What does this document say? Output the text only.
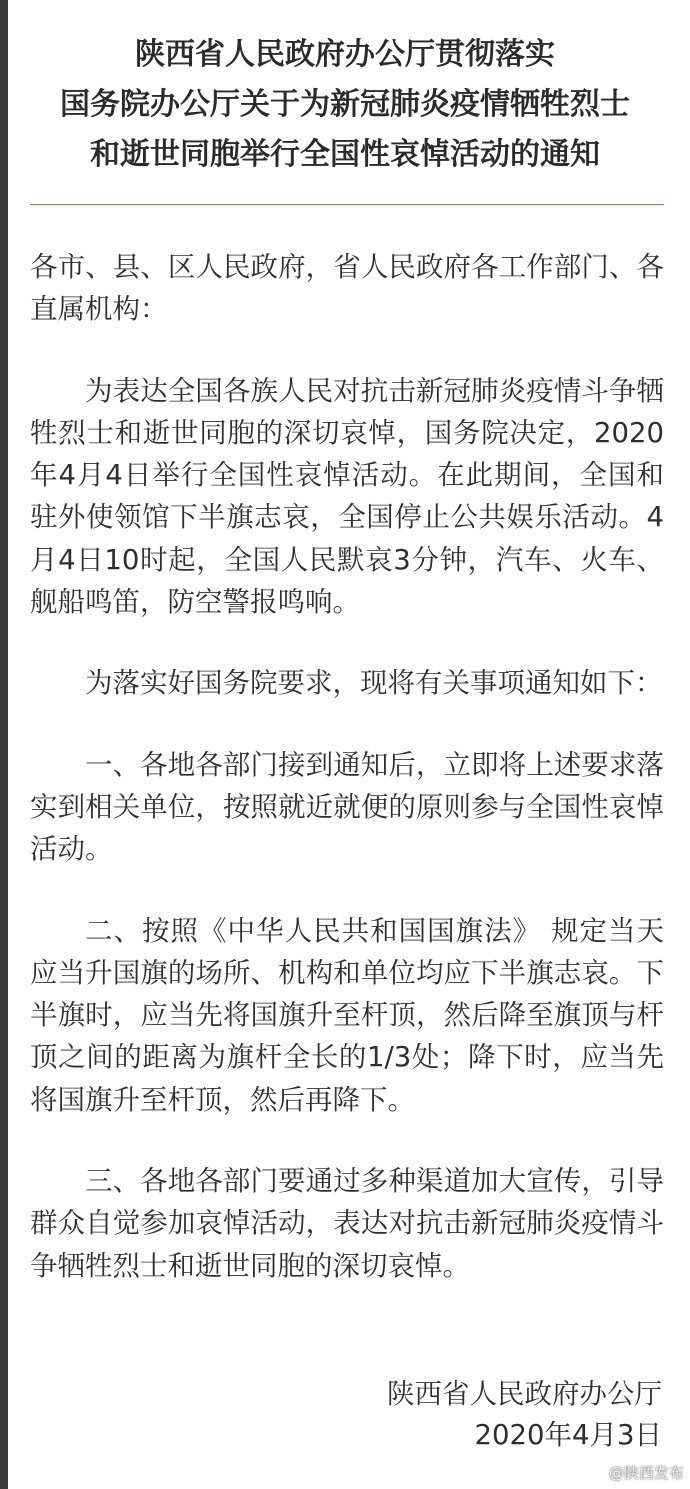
陕西省人民政府办公厅贯彻落实
国务院办公厅关于为新冠肺炎疫情牺牲烈士
和逝世同胞举行全国性哀悼活动的通知

各市、县、区人民政府，省人民政府各工作部门、各直属机构：

为表达全国各族人民对抗击新冠肺炎疫情斗争牺牲烈士和逝世同胞的深切哀悼，国务院决定，2020年4月4日举行全国性哀悼活动。在此期间，全国和驻外使领馆下半旗志哀，全国停止公共娱乐活动。4月4日10时起，全国人民默哀3分钟，汽车、火车、舰船鸣笛，防空警报鸣响。

为落实好国务院要求，现将有关事项通知如下：

一、各地各部门接到通知后，立即将上述要求落实到相关单位，按照就近就便的原则参与全国性哀悼活动。

二、按照《中华人民共和国国旗法》 规定当天应当升国旗的场所、机构和单位均应下半旗志哀。下半旗时，应当先将国旗升至杆顶，然后降至旗顶与杆顶之间的距离为旗杆全长的1/3处；降下时，应当先将国旗升至杆顶，然后再降下。

三、各地各部门要通过多种渠道加大宣传，引导群众自觉参加哀悼活动，表达对抗击新冠肺炎疫情斗争牺牲烈士和逝世同胞的深切哀悼。

陕西省人民政府办公厅
2020年4月3日
@陕西发布
